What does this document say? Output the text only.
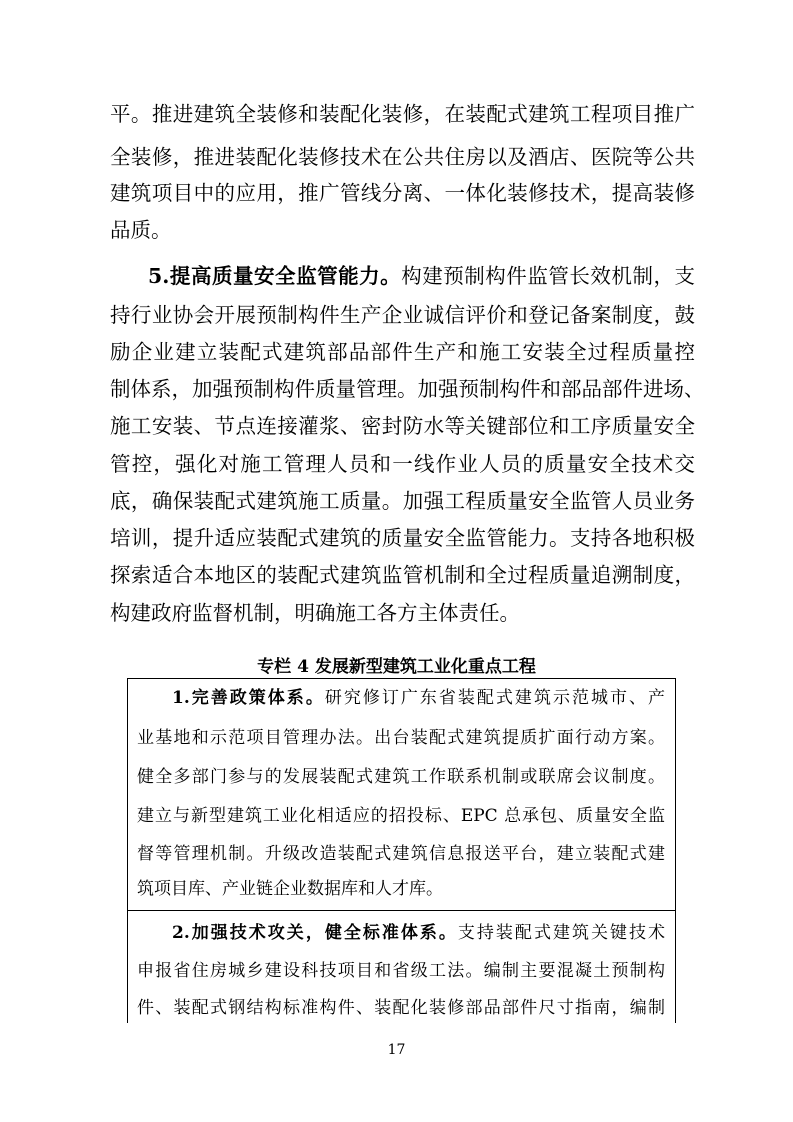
平。推进建筑全装修和装配化装修，在装配式建筑工程项目推广
全装修，推进装配化装修技术在公共住房以及酒店、医院等公共
建筑项目中的应用，推广管线分离、一体化装修技术，提高装修
品质。
5.提高质量安全监管能力。构建预制构件监管长效机制，支
持行业协会开展预制构件生产企业诚信评价和登记备案制度，鼓
励企业建立装配式建筑部品部件生产和施工安装全过程质量控
制体系，加强预制构件质量管理。加强预制构件和部品部件进场、
施工安装、节点连接灌浆、密封防水等关键部位和工序质量安全
管控，强化对施工管理人员和一线作业人员的质量安全技术交
底，确保装配式建筑施工质量。加强工程质量安全监管人员业务
培训，提升适应装配式建筑的质量安全监管能力。支持各地积极
探索适合本地区的装配式建筑监管机制和全过程质量追溯制度，
构建政府监督机制，明确施工各方主体责任。
专栏 4 发展新型建筑工业化重点工程
1.完善政策体系。研究修订广东省装配式建筑示范城市、产
业基地和示范项目管理办法。出台装配式建筑提质扩面行动方案。
健全多部门参与的发展装配式建筑工作联系机制或联席会议制度。
建立与新型建筑工业化相适应的招投标、EPC 总承包、质量安全监
督等管理机制。升级改造装配式建筑信息报送平台，建立装配式建
筑项目库、产业链企业数据库和人才库。
2.加强技术攻关，健全标准体系。支持装配式建筑关键技术
申报省住房城乡建设科技项目和省级工法。编制主要混凝土预制构
件、装配式钢结构标准构件、装配化装修部品部件尺寸指南，编制
17
